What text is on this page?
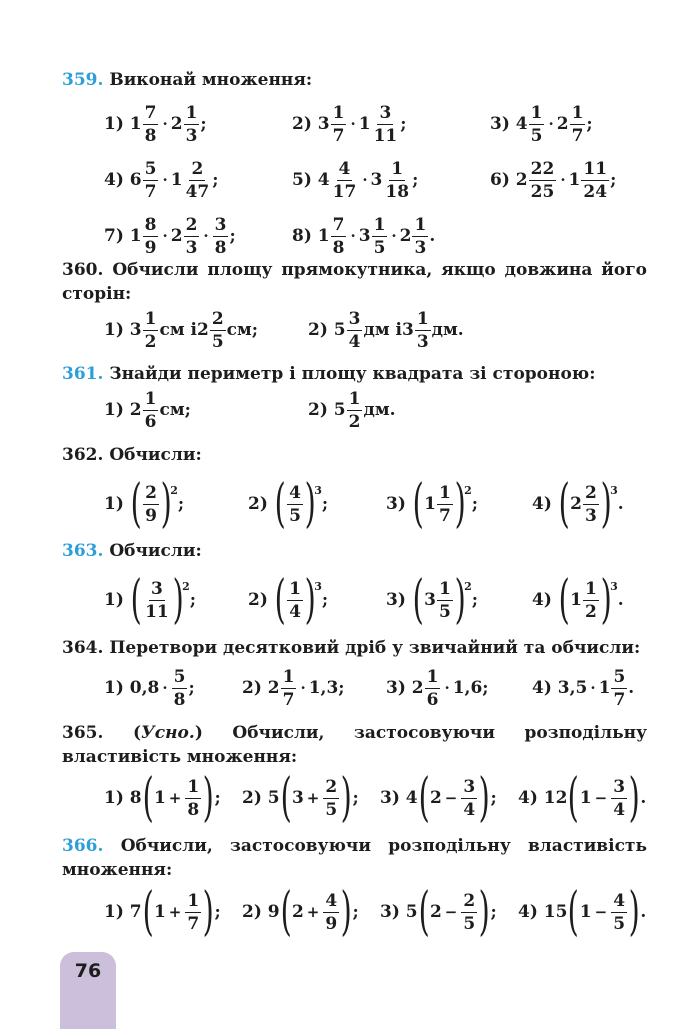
359. Виконай множення:
1) $1 \frac{7}{8} \cdot 2 \frac{1}{3}$ ;	2) $3 \frac{1}{7} \cdot 1 \frac{3}{11}$ ;	3) $4 \frac{1}{5} \cdot 2 \frac{1}{7}$ ;
4) $6 \frac{5}{7} \cdot 1 \frac{2}{47}$ ;	5) $4 \frac{4}{17} \cdot 3 \frac{1}{18}$ ;	6) $2 \frac{22}{25} \cdot 1 \frac{11}{24}$ ;
7) $1 \frac{8}{9} \cdot 2 \frac{2}{3} \cdot \frac{3}{8}$ ;	8) $1 \frac{7}{8} \cdot 3 \frac{1}{5} \cdot 2 \frac{1}{3}$ .
360. Обчисли площу прямокутника, якщо довжина його сторін:
1) $3 \frac{1}{2}$ см і $2 \frac{2}{5}$ см;	2) $5 \frac{3}{4}$ дм і $3 \frac{1}{3}$ дм.
361. Знайди периметр і площу квадрата зі стороною:
1) $2 \frac{1}{6}$ см;	2) $5 \frac{1}{2}$ дм.
362. Обчисли:
1) ( $\frac{2}{9}$ )
2
;	2) ( $\frac{4}{5}$ )
3
;	3) ( $1 \frac{1}{7}$ )
2
;	4) ( $2 \frac{2}{3}$ )
3
.
363. Обчисли:
1) ( $\frac{3}{11}$ )
2
;	2) ( $\frac{1}{4}$ )
3
;	3) ( $3 \frac{1}{5}$ )
2
;	4) ( $1 \frac{1}{2}$ )
3
.
364. Перетвори десятковий дріб у звичайний та обчисли:
1) $0,8 \cdot \frac{5}{8}$ ;	2) $2 \frac{1}{7} \cdot 1,3$; 3) $2 \frac{1}{6} \cdot 1,6$;	4) $3,5 \cdot 1 \frac{5}{7}$ .
365. (Усно.) Обчисли, застосовуючи розподільну властивість множення:
1) 8 ( $1 + \frac{1}{8}$ ) ; 2) 5 ( $3 + \frac{2}{5}$ ) ; 3) 4 ( $2 - \frac{3}{4}$ ) ; 4) 12 ( $1 - \frac{3}{4}$ ) .
366. Обчисли, застосовуючи розподільну властивість множення:
1) 7 ( $1 + \frac{1}{7}$ ) ; 2) 9 ( $2 + \frac{4}{9}$ ) ; 3) 5 ( $2 - \frac{2}{5}$ ) ; 4) 15 ( $1 - \frac{4}{5}$ ) .
76
